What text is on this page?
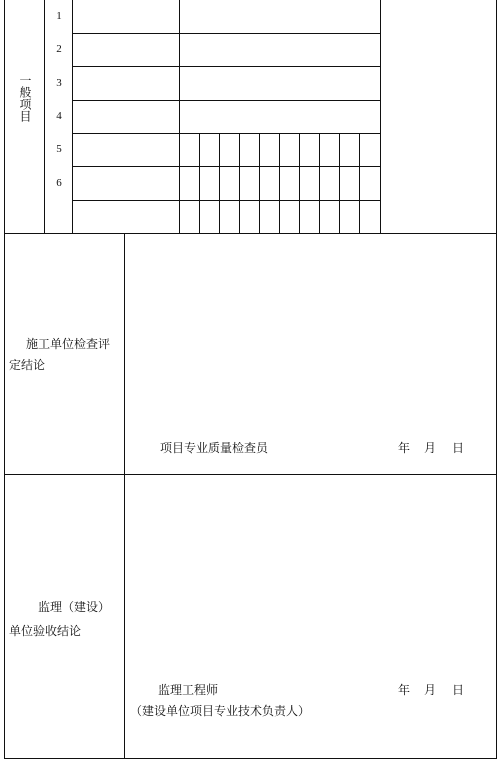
一般项目
1
2
3
4
5
6
施工单位检查评
定结论
项目专业质量检查员	年 月 日
监理（建设）
单位验收结论
监理工程师	年 月 日
（建设单位项目专业技术负责人）
